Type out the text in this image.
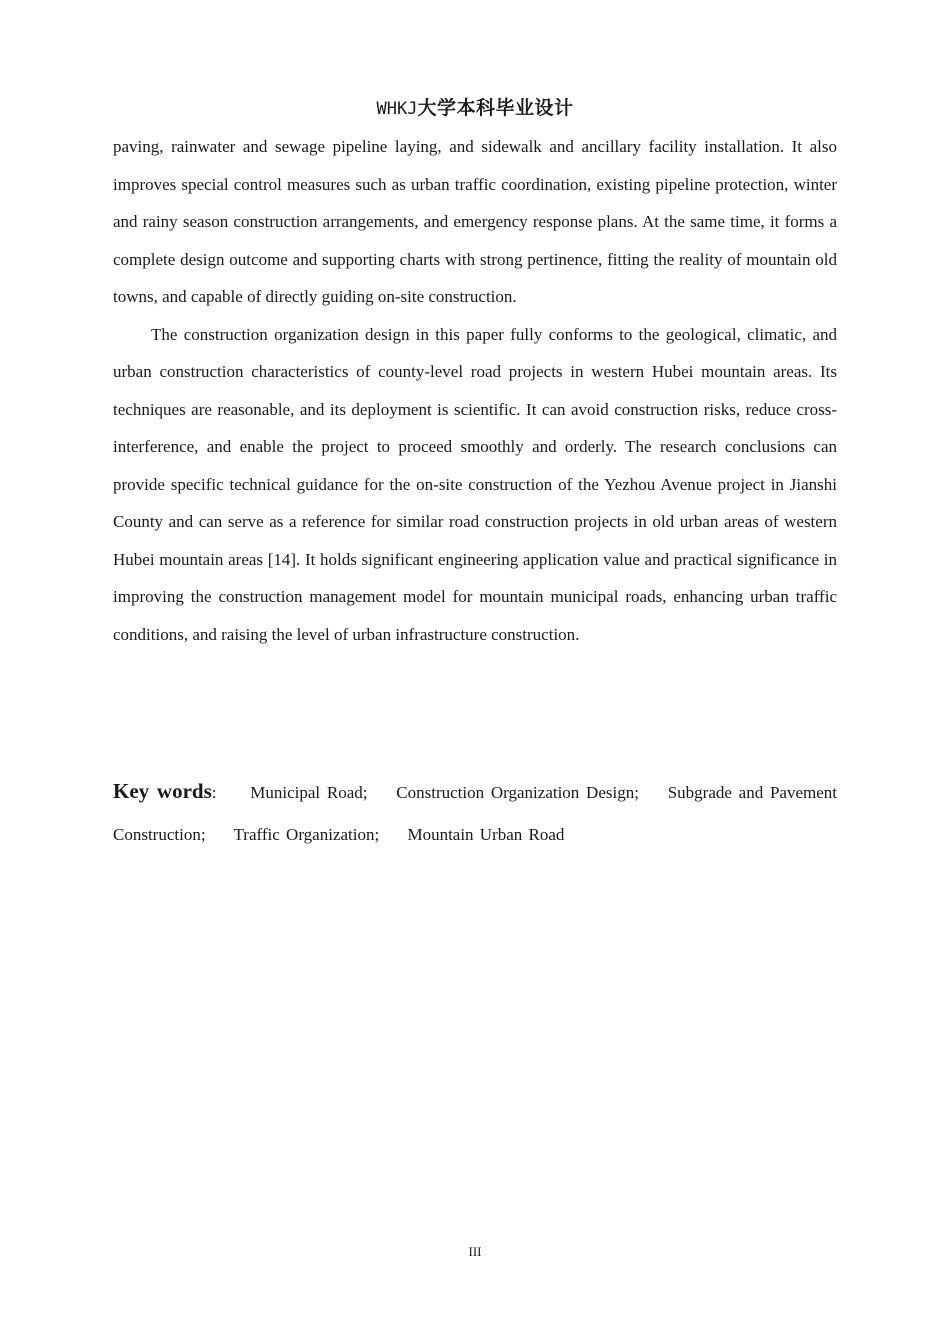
WHKJ大学本科毕业设计

paving, rainwater and sewage pipeline laying, and sidewalk and ancillary facility installation. It also improves special control measures such as urban traffic coordination, existing pipeline protection, winter and rainy season construction arrangements, and emergency response plans. At the same time, it forms a complete design outcome and supporting charts with strong pertinence, fitting the reality of mountain old towns, and capable of directly guiding on-site construction.

The construction organization design in this paper fully conforms to the geological, climatic, and urban construction characteristics of county-level road projects in western Hubei mountain areas. Its techniques are reasonable, and its deployment is scientific. It can avoid construction risks, reduce cross-interference, and enable the project to proceed smoothly and orderly. The research conclusions can provide specific technical guidance for the on-site construction of the Yezhou Avenue project in Jianshi County and can serve as a reference for similar road construction projects in old urban areas of western Hubei mountain areas [14]. It holds significant engineering application value and practical significance in improving the construction management model for mountain municipal roads, enhancing urban traffic conditions, and raising the level of urban infrastructure construction.

Key words: Municipal Road; Construction Organization Design; Subgrade and Pavement Construction; Traffic Organization; Mountain Urban Road
III
